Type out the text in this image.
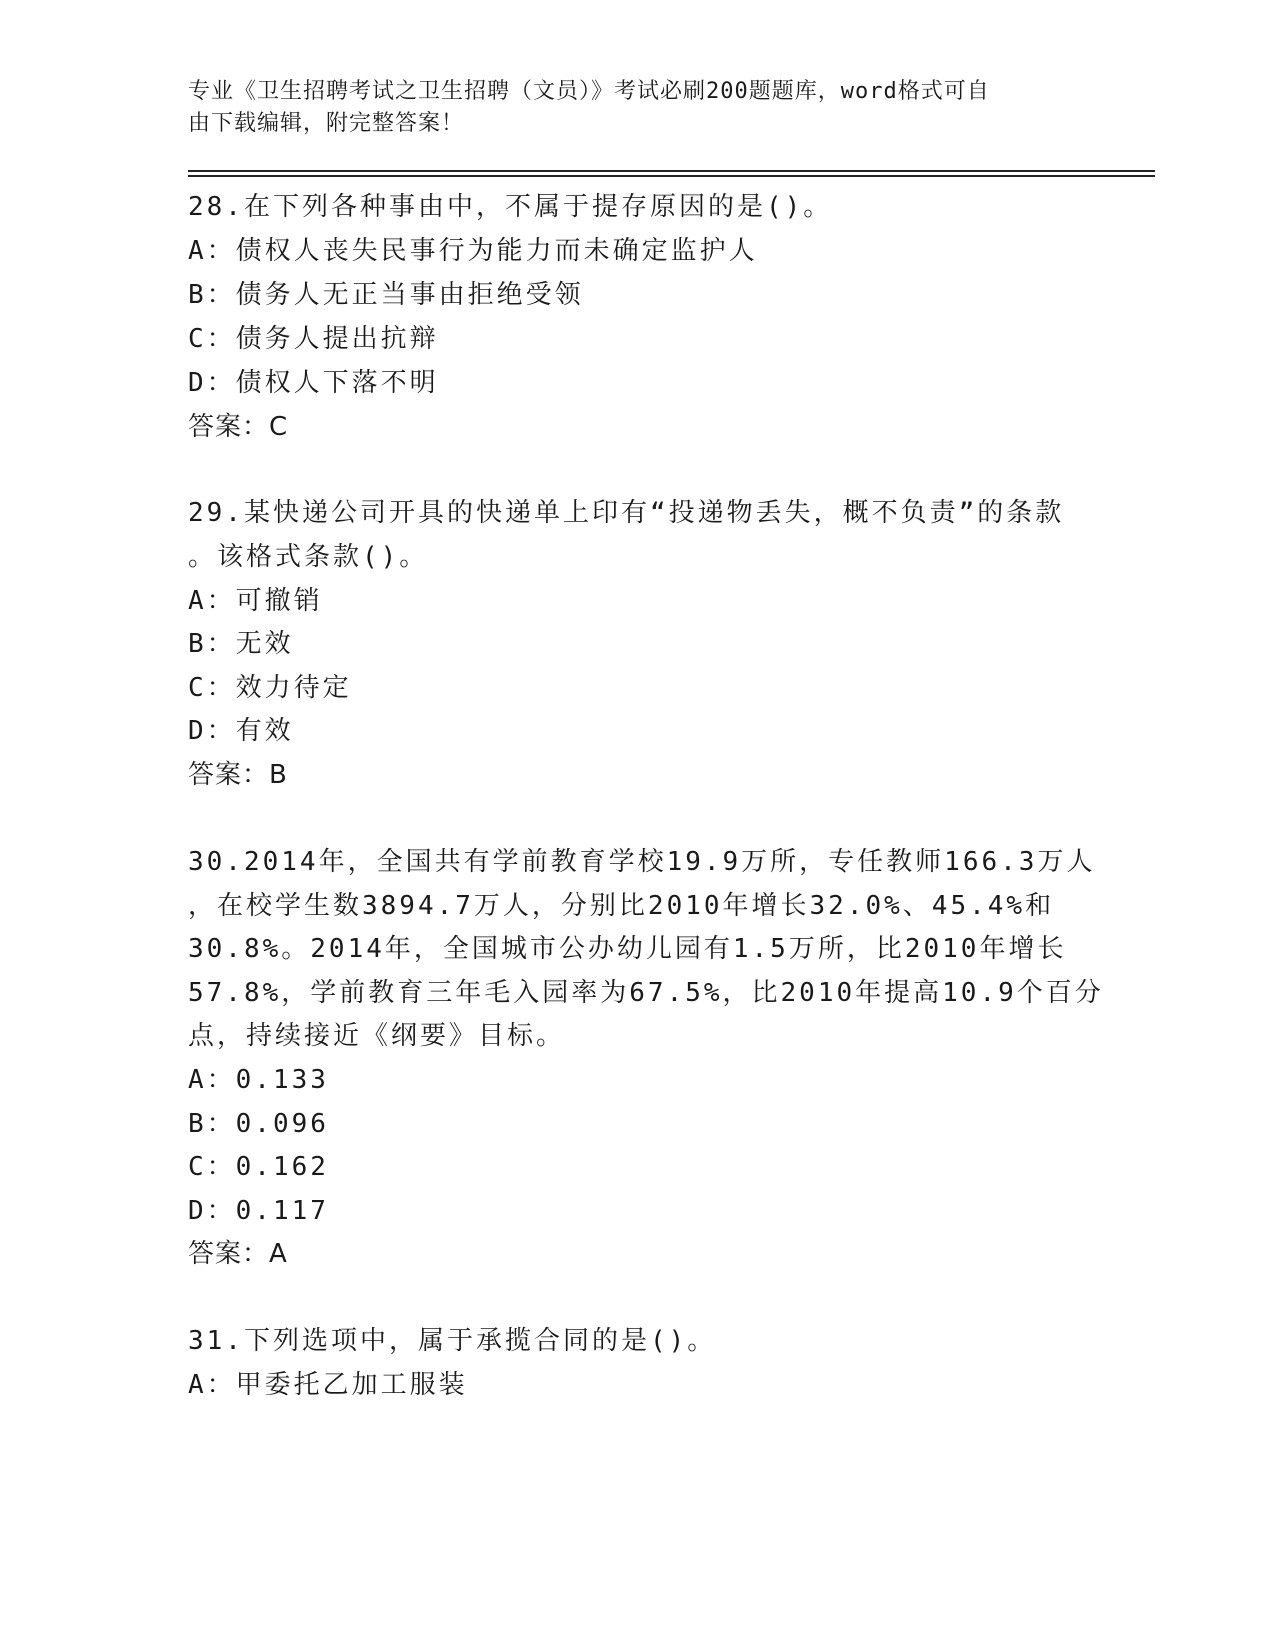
专业《卫生招聘考试之卫生招聘（文员）》考试必刷200题题库，word格式可自
由下载编辑，附完整答案！
28.在下列各种事由中，不属于提存原因的是()。
A：债权人丧失民事行为能力而未确定监护人
B：债务人无正当事由拒绝受领
C：债务人提出抗辩
D：债权人下落不明
答案：C
29.某快递公司开具的快递单上印有“投递物丢失，概不负责”的条款
。该格式条款()。
A：可撤销
B：无效
C：效力待定
D：有效
答案：B
30.2014年，全国共有学前教育学校19.9万所，专任教师166.3万人
，在校学生数3894.7万人，分别比2010年增长32.0%、45.4%和
30.8%。2014年，全国城市公办幼儿园有1.5万所，比2010年增长
57.8%，学前教育三年毛入园率为67.5%，比2010年提高10.9个百分
点，持续接近《纲要》目标。
A：0.133
B：0.096
C：0.162
D：0.117
答案：A
31.下列选项中，属于承揽合同的是()。
A：甲委托乙加工服装
